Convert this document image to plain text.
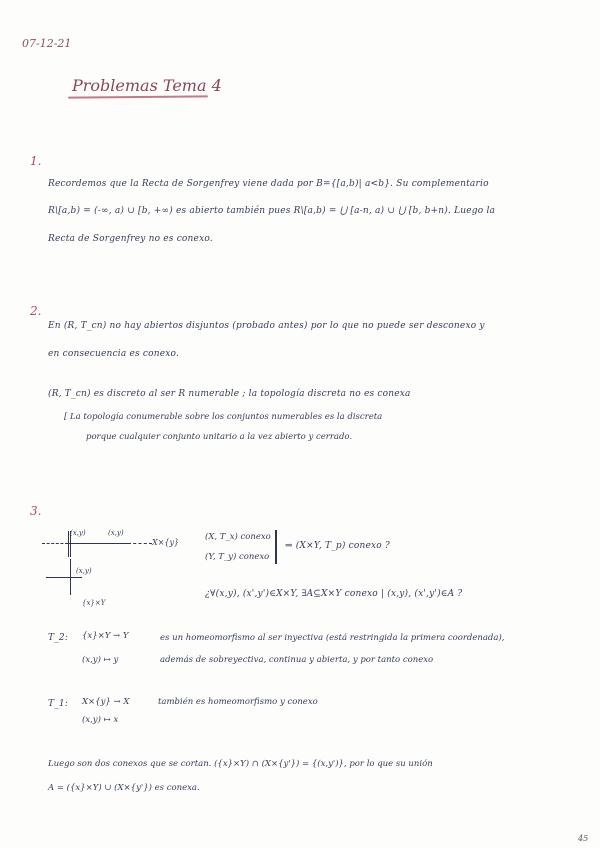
07-12-21
Problemas Tema 4
1.
Recordemos que la Recta de Sorgenfrey viene dada por B={[a,b)| a<b}. Su complementario
R\[a,b) = (-∞, a) ∪ [b, +∞) es abierto también pues R\[a,b) = ⋃ [a-n, a) ∪ ⋃ [b, b+n). Luego la
Recta de Sorgenfrey no es conexo.
2.
En (R, T_cn) no hay abiertos disjuntos (probado antes) por lo que no puede ser desconexo y
en consecuencia es conexo.
(R, T_cn) es discreto al ser R numerable ; la topología discreta no es conexa
[ La topología conumerable sobre los conjuntos numerables es la discreta
porque cualquier conjunto unitario a la vez abierto y cerrado.
3.
(x,y)	(x,y)
X×{y}
(x,y)
{x}×Y
(X, T_x) conexo
(Y, T_y) conexo
⇒ (X×Y, T_p) conexo ?
¿∀(x,y), (x',y')∈X×Y, ∃A⊆X×Y conexo | (x,y), (x',y')∈A ?
T_2: {x}×Y → Y
(x,y) ↦ y
es un homeomorfismo al ser inyectiva (está restringida la primera coordenada),
además de sobreyectiva, continua y abierta, y por tanto conexo
T_1: X×{y} → X
(x,y) ↦ x
también es homeomorfismo y conexo
Luego son dos conexos que se cortan. ({x}×Y) ∩ (X×{y'}) = {(x,y')}, por lo que su unión
A = ({x}×Y) ∪ (X×{y'}) es conexa.
45
